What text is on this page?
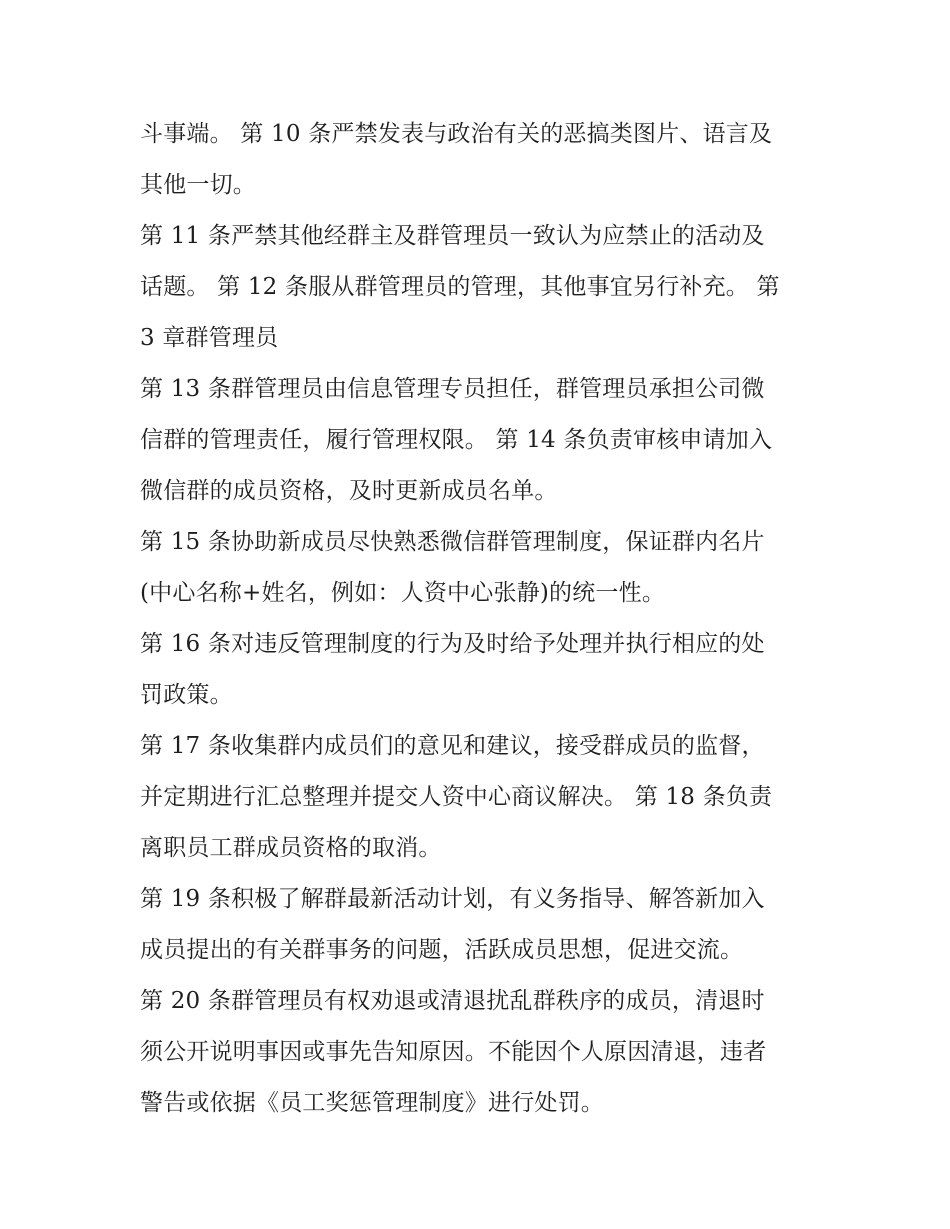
斗事端。 第 10 条严禁发表与政治有关的恶搞类图片、语言及
其他一切。
第 11 条严禁其他经群主及群管理员一致认为应禁止的活动及
话题。 第 12 条服从群管理员的管理，其他事宜另行补充。 第
3 章群管理员
第 13 条群管理员由信息管理专员担任，群管理员承担公司微
信群的管理责任，履行管理权限。 第 14 条负责审核申请加入
微信群的成员资格，及时更新成员名单。
第 15 条协助新成员尽快熟悉微信群管理制度，保证群内名片
(中心名称+姓名，例如：人资中心张静)的统一性。
第 16 条对违反管理制度的行为及时给予处理并执行相应的处
罚政策。
第 17 条收集群内成员们的意见和建议，接受群成员的监督，
并定期进行汇总整理并提交人资中心商议解决。 第 18 条负责
离职员工群成员资格的取消。
第 19 条积极了解群最新活动计划，有义务指导、解答新加入
成员提出的有关群事务的问题，活跃成员思想，促进交流。
第 20 条群管理员有权劝退或清退扰乱群秩序的成员，清退时
须公开说明事因或事先告知原因。不能因个人原因清退，违者
警告或依据《员工奖惩管理制度》进行处罚。
